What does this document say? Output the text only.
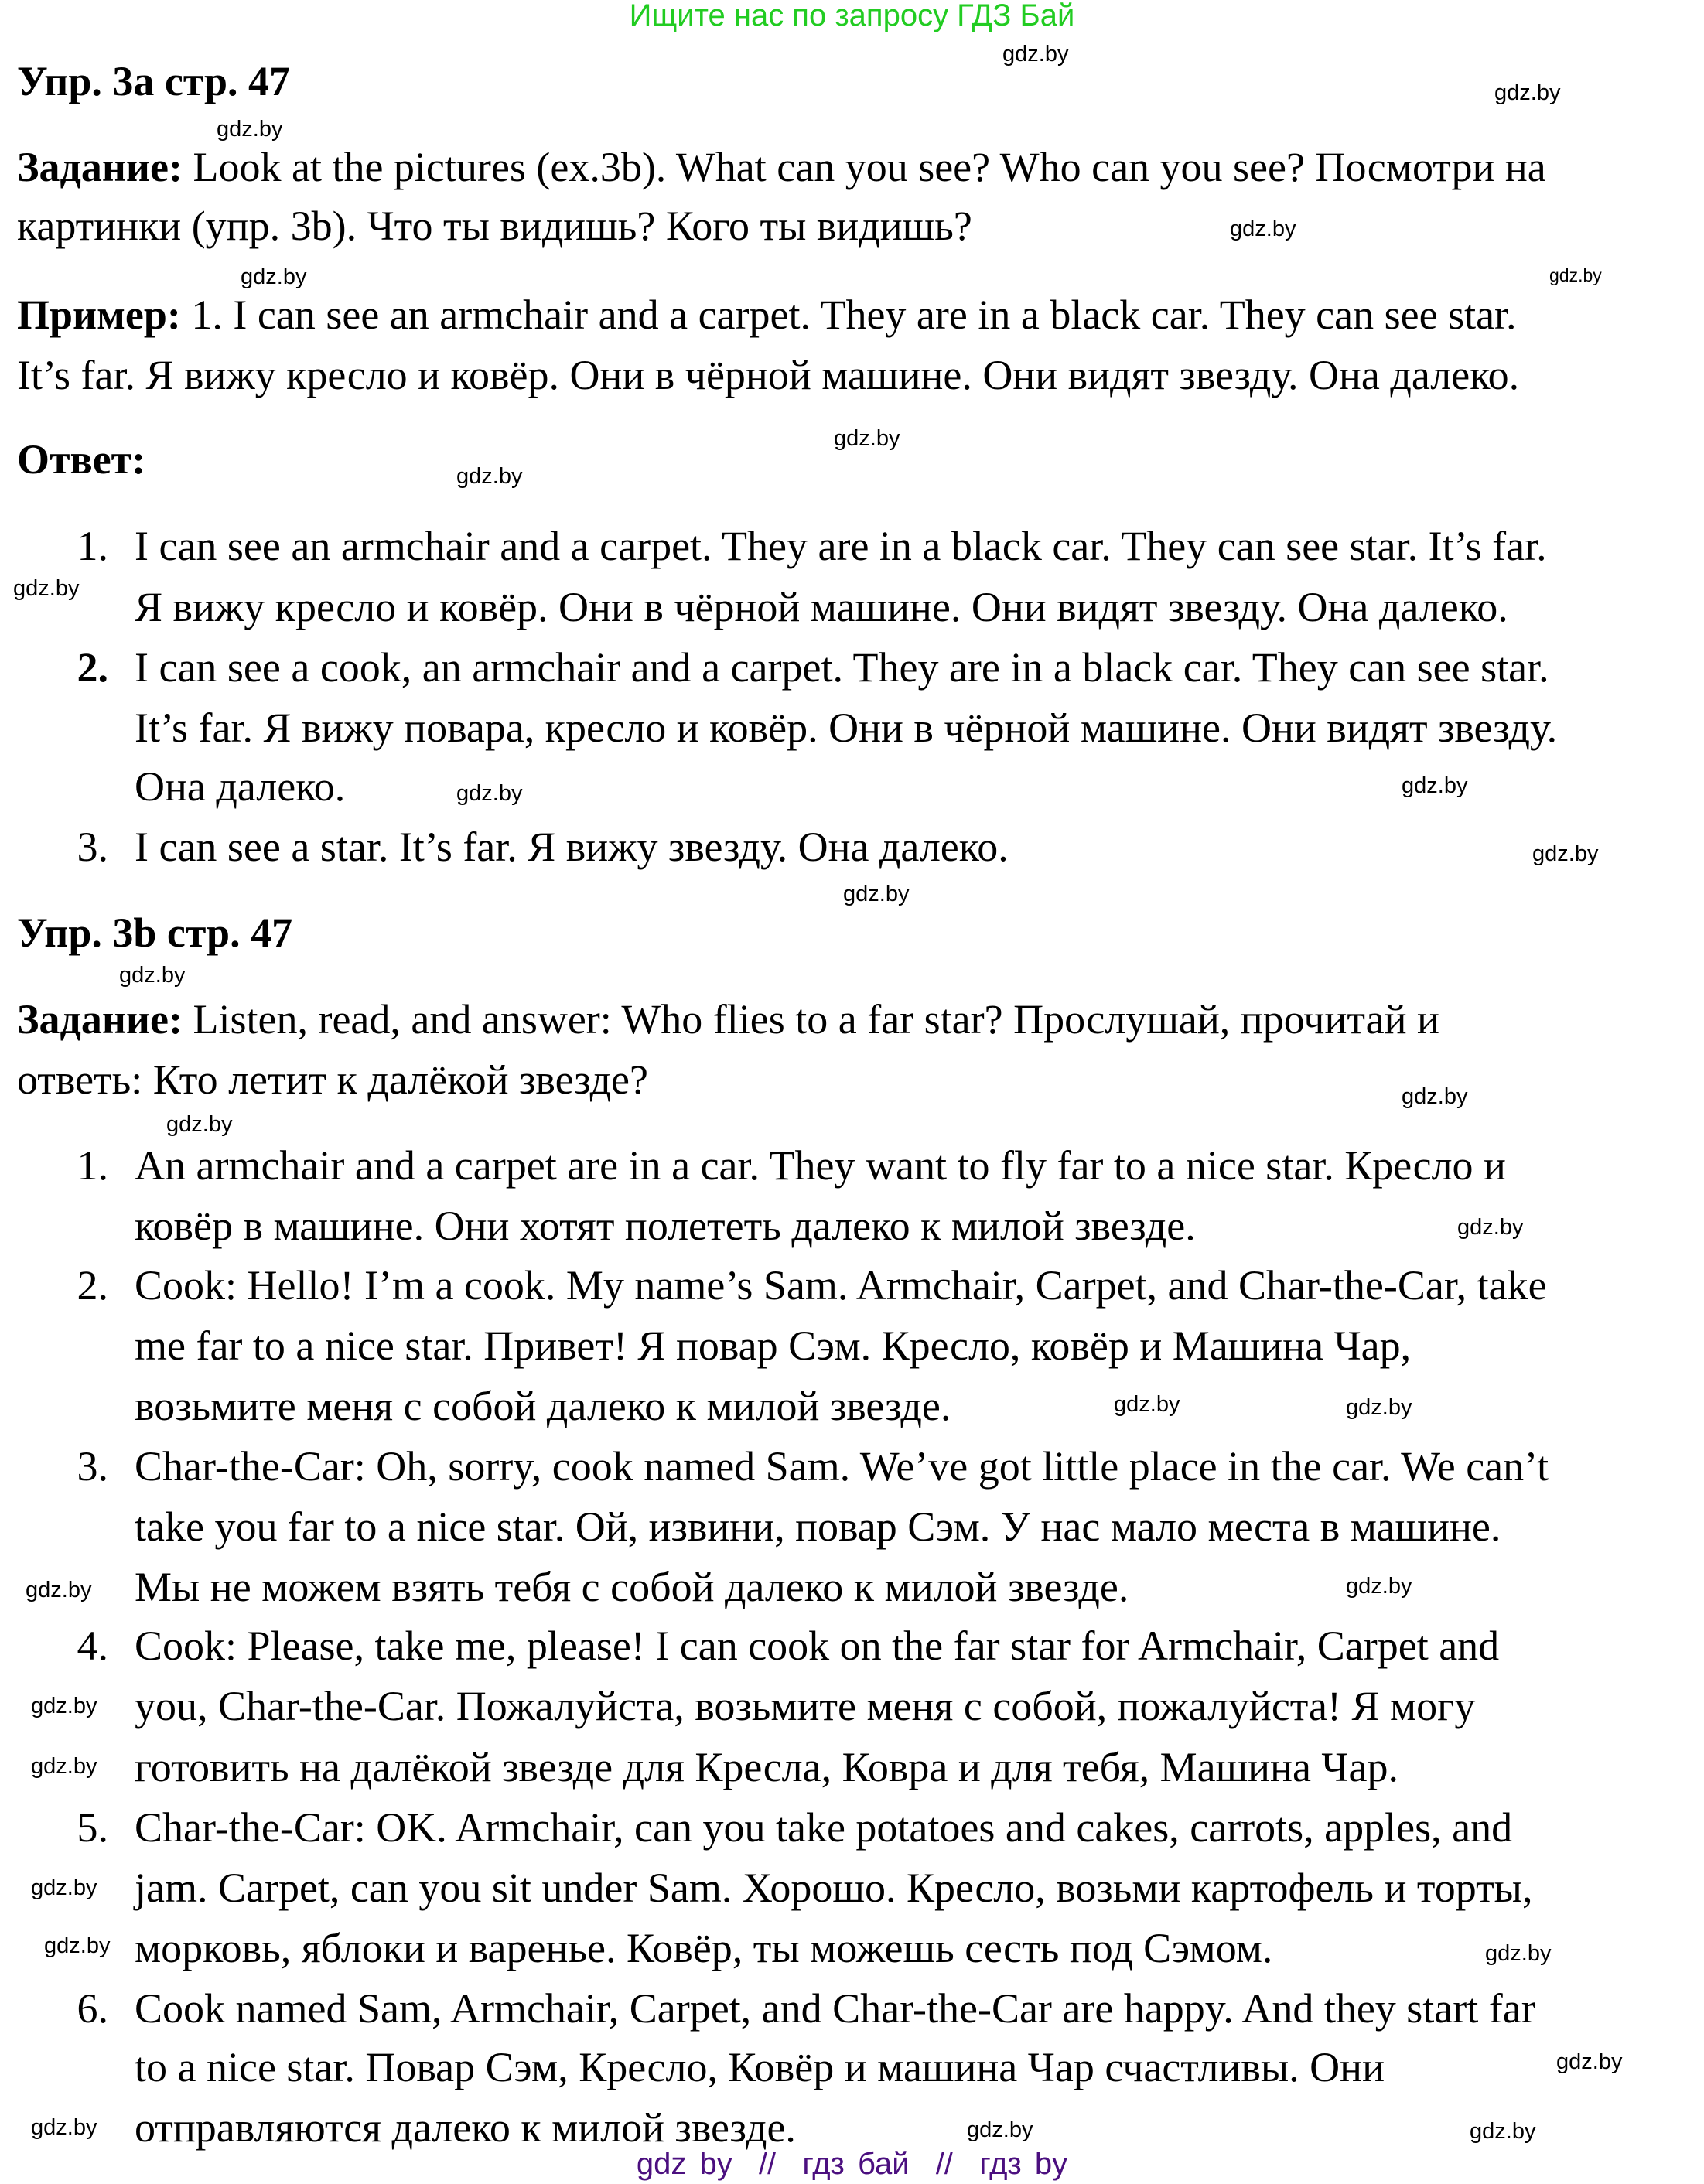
Ищите нас по запросу ГДЗ Бай
Упр. 3а стр. 47
Задание: Look at the pictures (ex.3b). What can you see? Who can you see? Посмотри на
картинки (упр. 3b). Что ты видишь? Кого ты видишь?
Пример: 1. I can see an armchair and a carpet. They are in a black car. They can see star.
It’s far. Я вижу кресло и ковёр. Они в чёрной машине. Они видят звезду. Она далеко.
Ответ:
1. I can see an armchair and a carpet. They are in a black car. They can see star. It’s far.
Я вижу кресло и ковёр. Они в чёрной машине. Они видят звезду. Она далеко.
2. I can see a cook, an armchair and a carpet. They are in a black car. They can see star.
It’s far. Я вижу повара, кресло и ковёр. Они в чёрной машине. Они видят звезду.
Она далеко.
3. I can see a star. It’s far. Я вижу звезду. Она далеко.
Упр. 3b стр. 47
Задание: Listen, read, and answer: Who flies to a far star? Прослушай, прочитай и
ответь: Кто летит к далёкой звезде?
1. An armchair and a carpet are in a car. They want to fly far to a nice star. Кресло и
ковёр в машине. Они хотят полететь далеко к милой звезде.
2. Cook: Hello! I’m a cook. My name’s Sam. Armchair, Carpet, and Char-the-Car, take
me far to a nice star. Привет! Я повар Сэм. Кресло, ковёр и Машина Чар,
возьмите меня с собой далеко к милой звезде.
3. Char-the-Car: Oh, sorry, cook named Sam. We’ve got little place in the car. We can’t
take you far to a nice star. Ой, извини, повар Сэм. У нас мало места в машине.
Мы не можем взять тебя с собой далеко к милой звезде.
4. Cook: Please, take me, please! I can cook on the far star for Armchair, Carpet and
you, Char-the-Car. Пожалуйста, возьмите меня с собой, пожалуйста! Я могу
готовить на далёкой звезде для Кресла, Ковра и для тебя, Машина Чар.
5. Char-the-Car: OK. Armchair, can you take potatoes and cakes, carrots, apples, and
jam. Carpet, can you sit under Sam. Хорошо. Кресло, возьми картофель и торты,
морковь, яблоки и варенье. Ковёр, ты можешь сесть под Сэмом.
6. Cook named Sam, Armchair, Carpet, and Char-the-Car are happy. And they start far
to a nice star. Повар Сэм, Кресло, Ковёр и машина Чар счастливы. Они
отправляются далеко к милой звезде.
gdz.by
gdz.by
gdz.by
gdz.by
gdz.by	gdz.by
gdz.by
gdz.by
gdz.by
gdz.by
gdz.by
gdz.by
gdz.by
gdz.by
gdz.by
gdz.by
gdz.by
gdz.by	gdz.by
gdz.by
gdz.by
gdz.by
gdz.by
gdz.by
gdz.by
gdz.by	gdz.by
gdz.by
gdz.by	gdz.by
gdz by  //  гдз бай  //  гдз by
